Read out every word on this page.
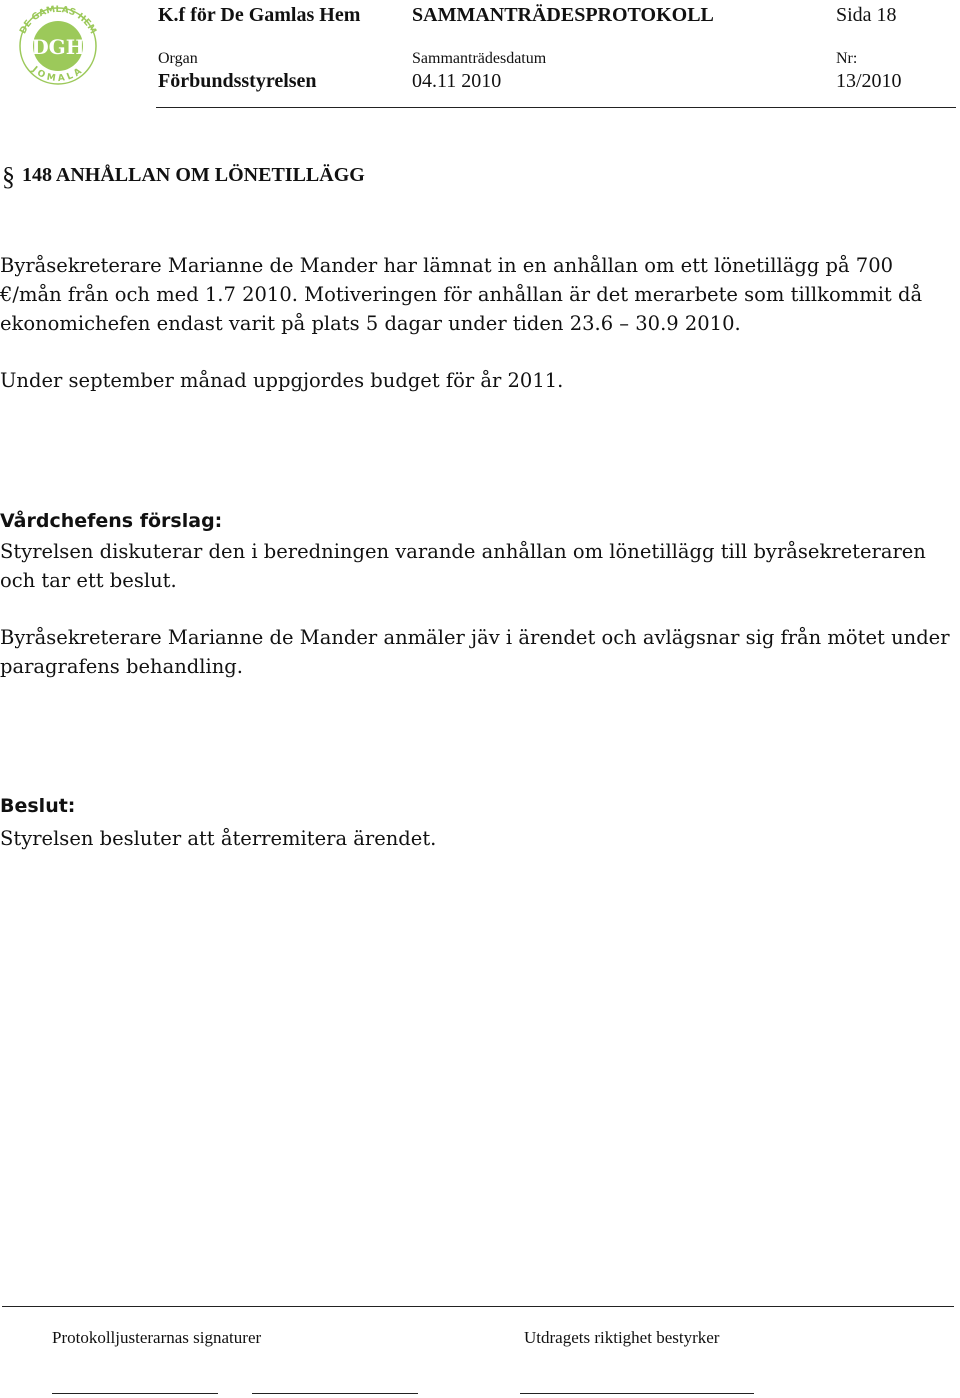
DE GAMLAS HEM
DGH
JOMALA
K.f för De Gamlas Hem	SAMMANTRÄDESPROTOKOLL	Sida 18
Organ	Sammanträdesdatum	Nr:
Förbundsstyrelsen	04.11 2010	13/2010
§ 148 ANHÅLLAN OM LÖNETILLÄGG
Byråsekreterare Marianne de Mander har lämnat in en anhållan om ett lönetillägg på 700
€/mån från och med 1.7 2010. Motiveringen för anhållan är det merarbete som tillkommit då
ekonomichefen endast varit på plats 5 dagar under tiden 23.6 – 30.9 2010.
Under september månad uppgjordes budget för år 2011.
Vårdchefens förslag:
Styrelsen diskuterar den i beredningen varande anhållan om lönetillägg till byråsekreteraren
och tar ett beslut.
Byråsekreterare Marianne de Mander anmäler jäv i ärendet och avlägsnar sig från mötet under
paragrafens behandling.
Beslut:
Styrelsen besluter att återremitera ärendet.
Protokolljusterarnas signaturer	Utdragets riktighet bestyrker
